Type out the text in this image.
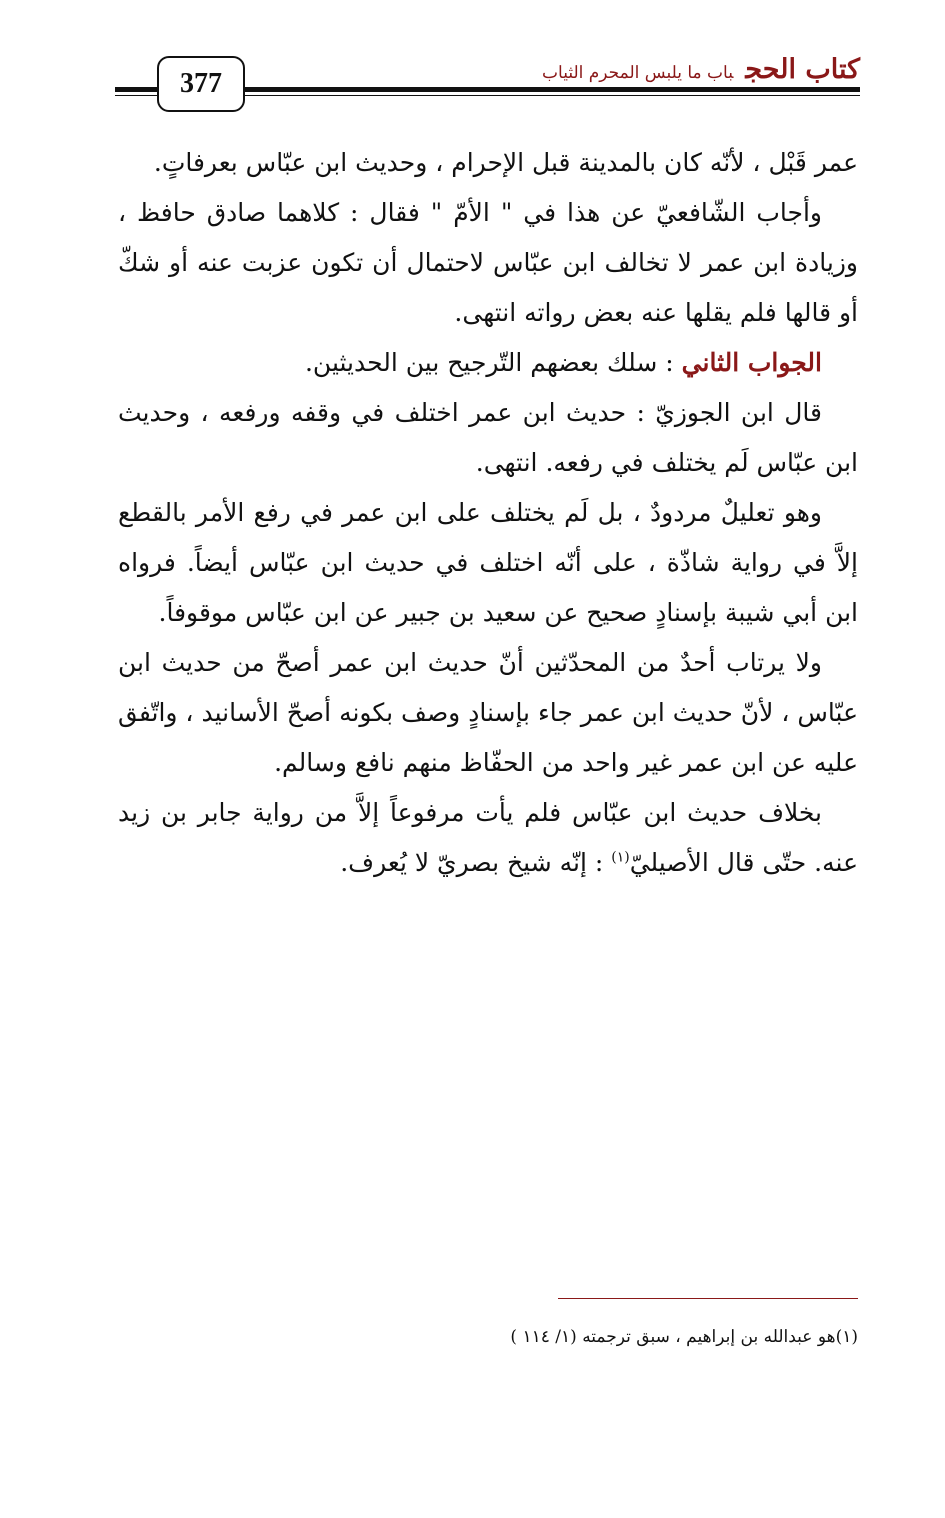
كتاب الحجباب ما يلبس المحرم الثياب
377

عمر قَبْل ، لأنّه كان بالمدينة قبل الإحرام ، وحديث ابن عبّاس بعرفاتٍ.

وأجاب الشّافعيّ عن هذا في " الأمّ " فقال : كلاهما صادق حافظ ، وزيادة ابن عمر لا تخالف ابن عبّاس لاحتمال أن تكون عزبت عنه أو شكّ أو قالها فلم يقلها عنه بعض رواته انتهى.

الجواب الثاني : سلك بعضهم التّرجيح بين الحديثين.

قال ابن الجوزيّ : حديث ابن عمر اختلف في وقفه ورفعه ، وحديث ابن عبّاس لَم يختلف في رفعه. انتهى.

وهو تعليلٌ مردودٌ ، بل لَم يختلف على ابن عمر في رفع الأمر بالقطع إلاَّ في رواية شاذّة ، على أنّه اختلف في حديث ابن عبّاس أيضاً. فرواه ابن أبي شيبة بإسنادٍ صحيح عن سعيد بن جبير عن ابن عبّاس موقوفاً.

ولا يرتاب أحدٌ من المحدّثين أنّ حديث ابن عمر أصحّ من حديث ابن عبّاس ، لأنّ حديث ابن عمر جاء بإسنادٍ وصف بكونه أصحّ الأسانيد ، واتّفق عليه عن ابن عمر غير واحد من الحفّاظ منهم نافع وسالم.

بخلاف حديث ابن عبّاس فلم يأت مرفوعاً إلاَّ من رواية جابر بن زيد عنه. حتّى قال الأصيليّ$^{(١)}$ : إنّه شيخ بصريّ لا يُعرف.

(١)هو عبدالله بن إبراهيم ، سبق ترجمته (١/ ١١٤ )
